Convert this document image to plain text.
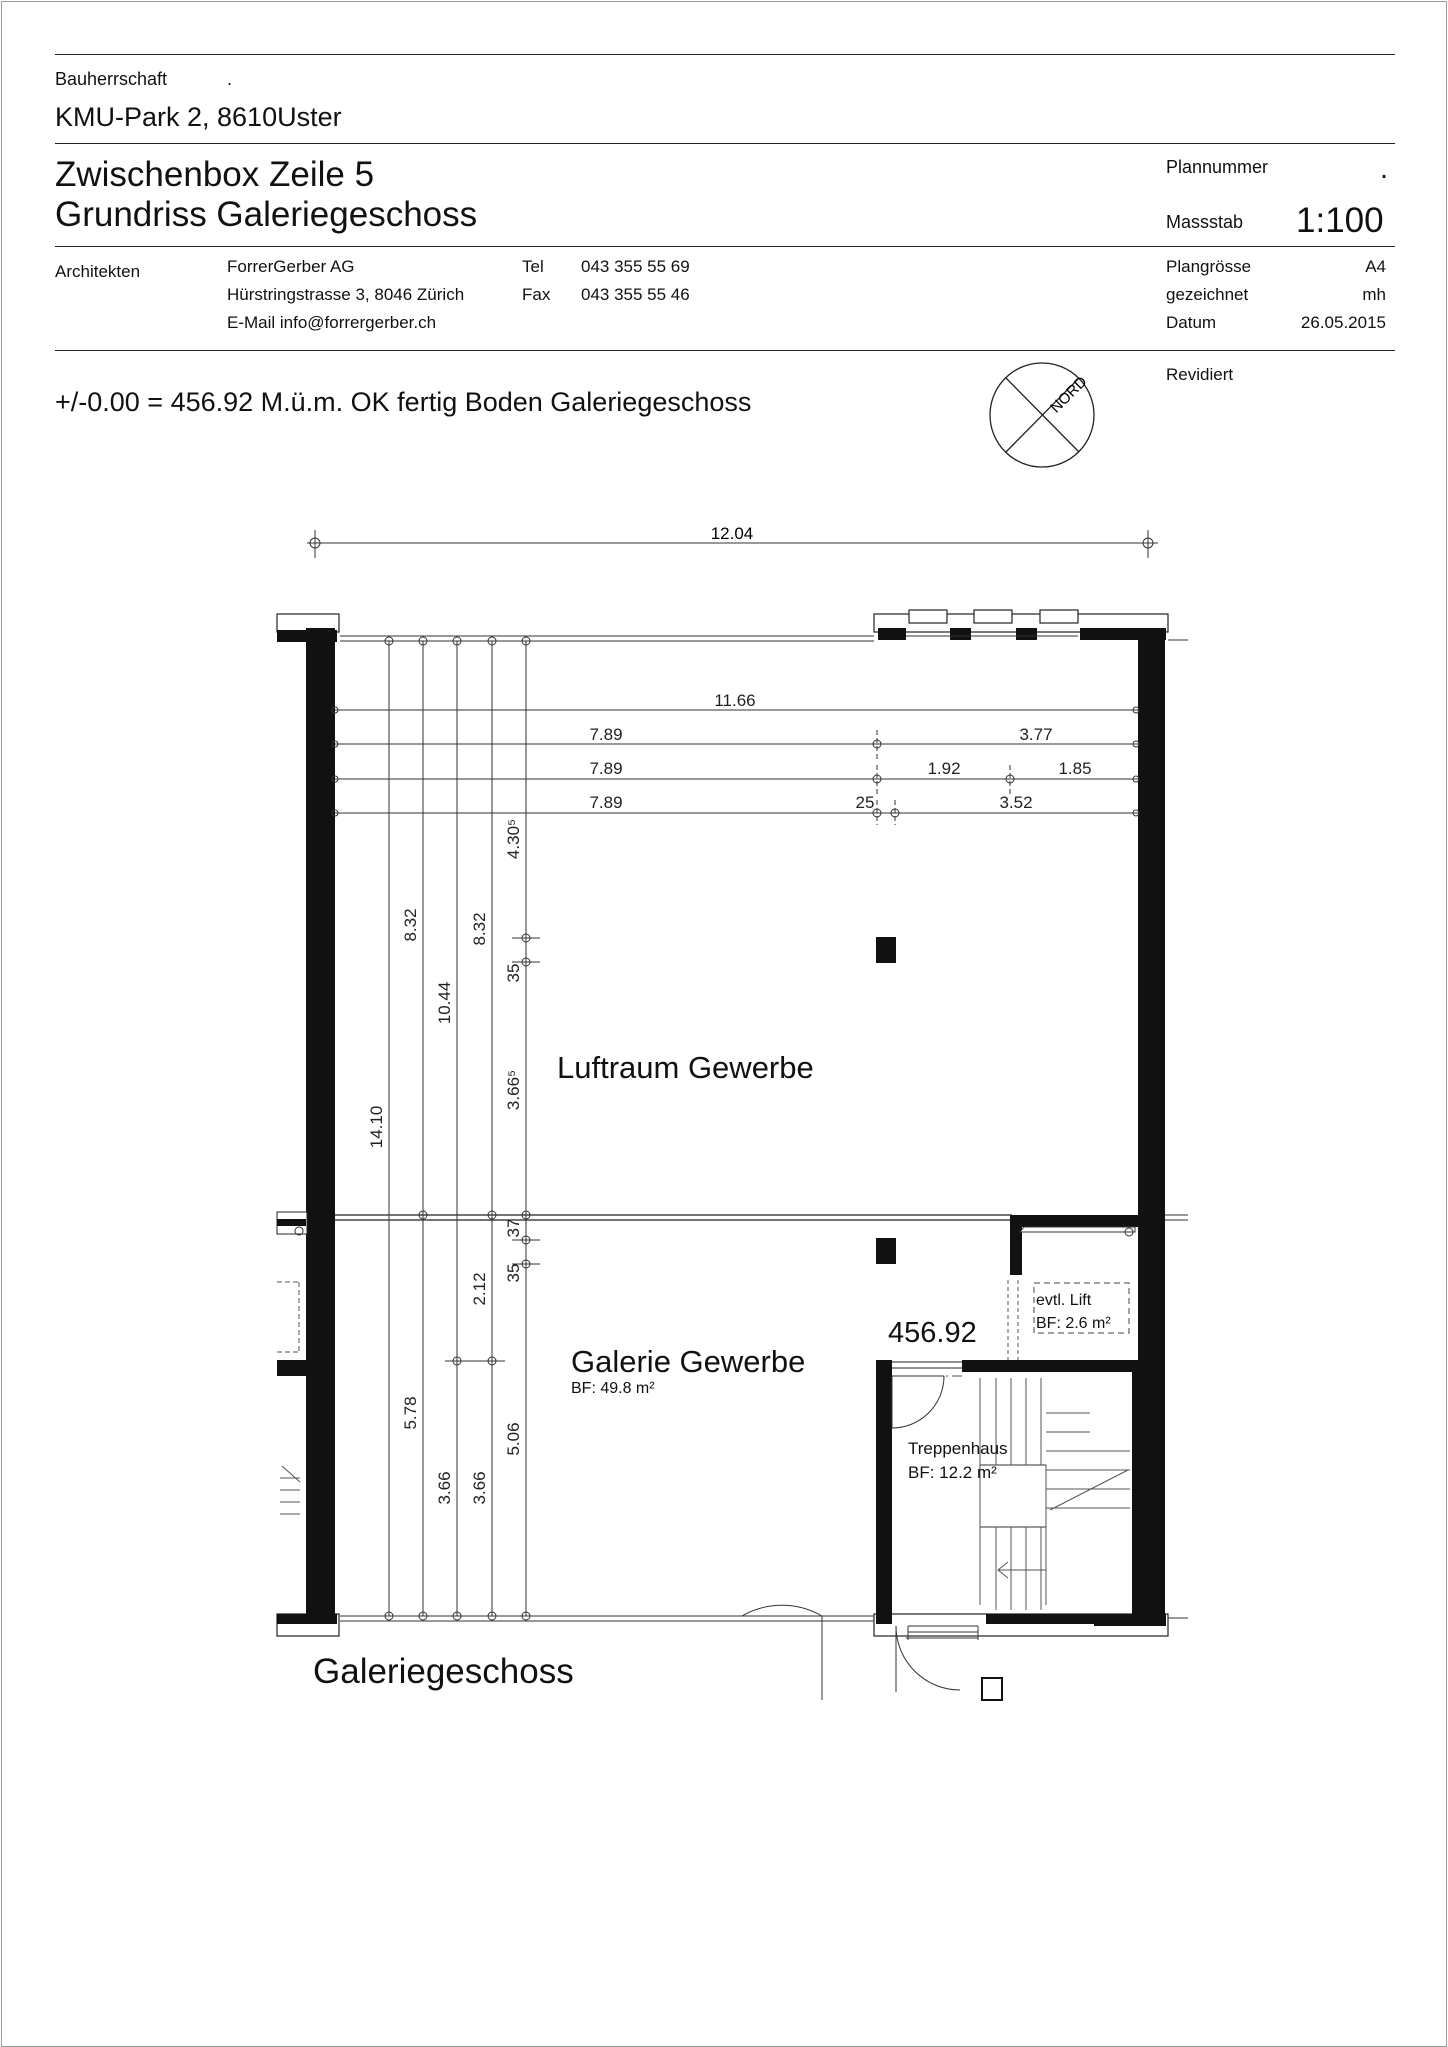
Bauherrschaft	.
KMU-Park 2, 8610Uster
Zwischenbox Zeile 5
Grundriss Galeriegeschoss
Plannummer	.
Massstab 1:100
Architekten	ForrerGerber AG
Hürstringstrasse 3, 8046 Zürich
E-Mail info@forrergerber.ch
Tel 043 355 55 69
Fax 043 355 55 46
Plangrösse	A4
gezeichnet	mh
Datum	26.05.2015
Revidiert
+/-0.00 = 456.92 M.ü.m. OK fertig Boden Galeriegeschoss	NORD
12.04
11.66
7.89	3.77
7.89	1.92	1.85
7.89	25	3.52
14.10
8.32
10.44
8.32
4.30⁵
35
3.66⁵
5.78
3.66 3.66
2.12
37
35
5.06
Luftraum Gewerbe
Galerie Gewerbe
BF: 49.8 m²
456.92
evtl. Lift
BF: 2.6 m²
Treppenhaus
BF: 12.2 m²
Galeriegeschoss
